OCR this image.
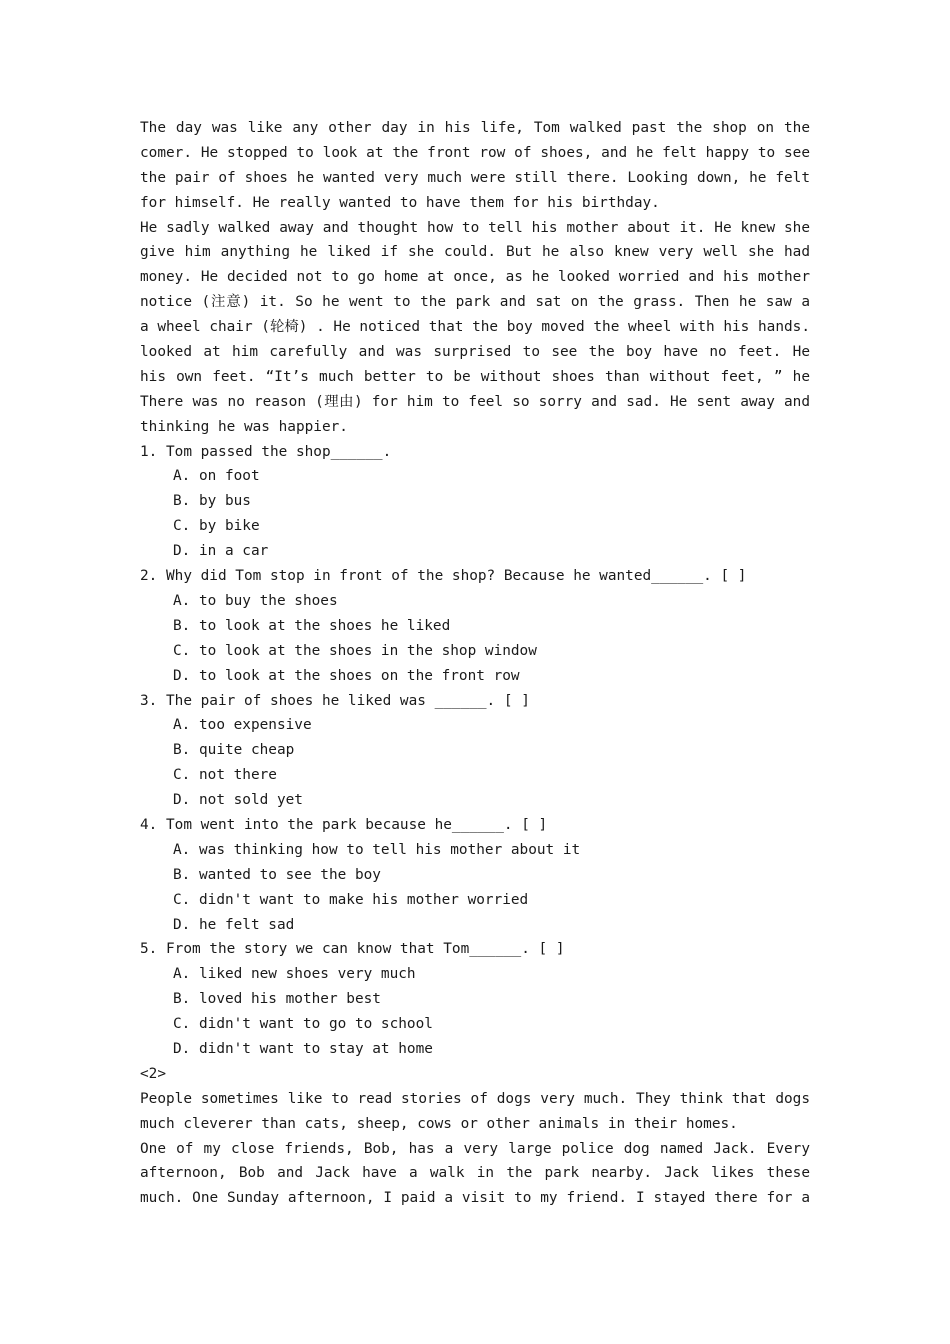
The day was like any other day in his life, Tom walked past the shop on the
comer. He stopped to look at the front row of shoes, and he felt happy to see
the pair of shoes he wanted very much were still there. Looking down, he felt
for himself. He really wanted to have them for his birthday.
He sadly walked away and thought how to tell his mother about it. He knew she
give him anything he liked if she could. But he also knew very well she had
money. He decided not to go home at once, as he looked worried and his mother
notice (注意) it. So he went to the park and sat on the grass. Then he saw a
a wheel chair (轮椅) . He noticed that the boy moved the wheel with his hands.
looked at him carefully and was surprised to see the boy have no feet. He
his own feet. “It’s much better to be without shoes than without feet, ” he
There was no reason (理由) for him to feel so sorry and sad. He sent away and
thinking he was happier.
1. Tom passed the shop______.
A. on foot
B. by bus
C. by bike
D. in a car
2. Why did Tom stop in front of the shop? Because he wanted______. [ ]
A. to buy the shoes
B. to look at the shoes he liked
C. to look at the shoes in the shop window
D. to look at the shoes on the front row
3. The pair of shoes he liked was ______. [ ]
A. too expensive
B. quite cheap
C. not there
D. not sold yet
4. Tom went into the park because he______. [ ]
A. was thinking how to tell his mother about it
B. wanted to see the boy
C. didn't want to make his mother worried
D. he felt sad
5. From the story we can know that Tom______. [ ]
A. liked new shoes very much
B. loved his mother best
C. didn't want to go to school
D. didn't want to stay at home
<2>
People sometimes like to read stories of dogs very much. They think that dogs
much cleverer than cats, sheep, cows or other animals in their homes.
One of my close friends, Bob, has a very large police dog named Jack. Every
afternoon, Bob and Jack have a walk in the park nearby. Jack likes these
much. One Sunday afternoon, I paid a visit to my friend. I stayed there for a
